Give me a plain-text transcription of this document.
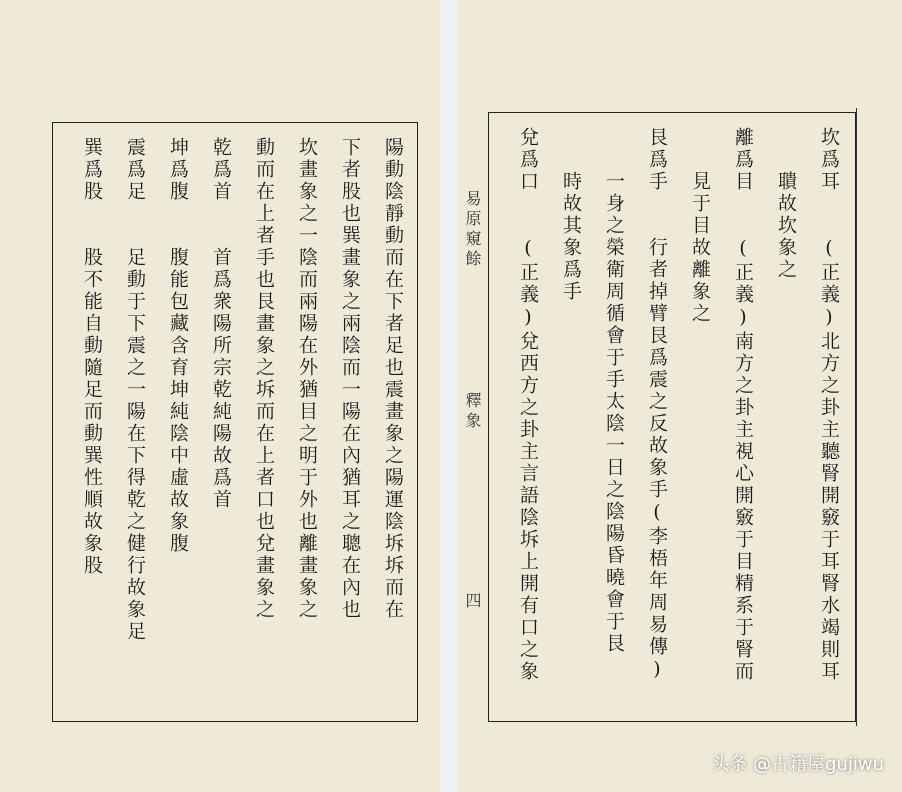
陽動陰靜動而在下者足也震畫象之陽運陰坼坼而在
下者股也巽畫象之兩陰而一陽在內猶耳之聰在內也
坎畫象之一陰而兩陽在外猶目之明于外也離畫象之
動而在上者手也艮畫象之坼而在上者口也兌畫象之
乾爲首　　首爲衆陽所宗乾純陽故爲首
坤爲腹　　腹能包藏含育坤純陰中虛故象腹
震爲足　　足動于下震之一陽在下得乾之健行故象足
巽爲股　　股不能自動隨足而動巽性順故象股	易原窺餘
釋象
四	坎爲耳　　(正義)北方之卦主聽腎開竅于耳腎水竭則耳
　　聵故坎象之
離爲目　　(正義)南方之卦主視心開竅于目精系于腎而
　　見于目故離象之
艮爲手　　行者掉臂艮爲震之反故象手(李梧年周易傳)
　　一身之榮衛周循會于手太陰一日之陰陽昏曉會于艮
　　時故其象爲手
兌爲口　　(正義)兌西方之卦主言語陰坼上開有口之象
头条 @古籍屋gujiwu
